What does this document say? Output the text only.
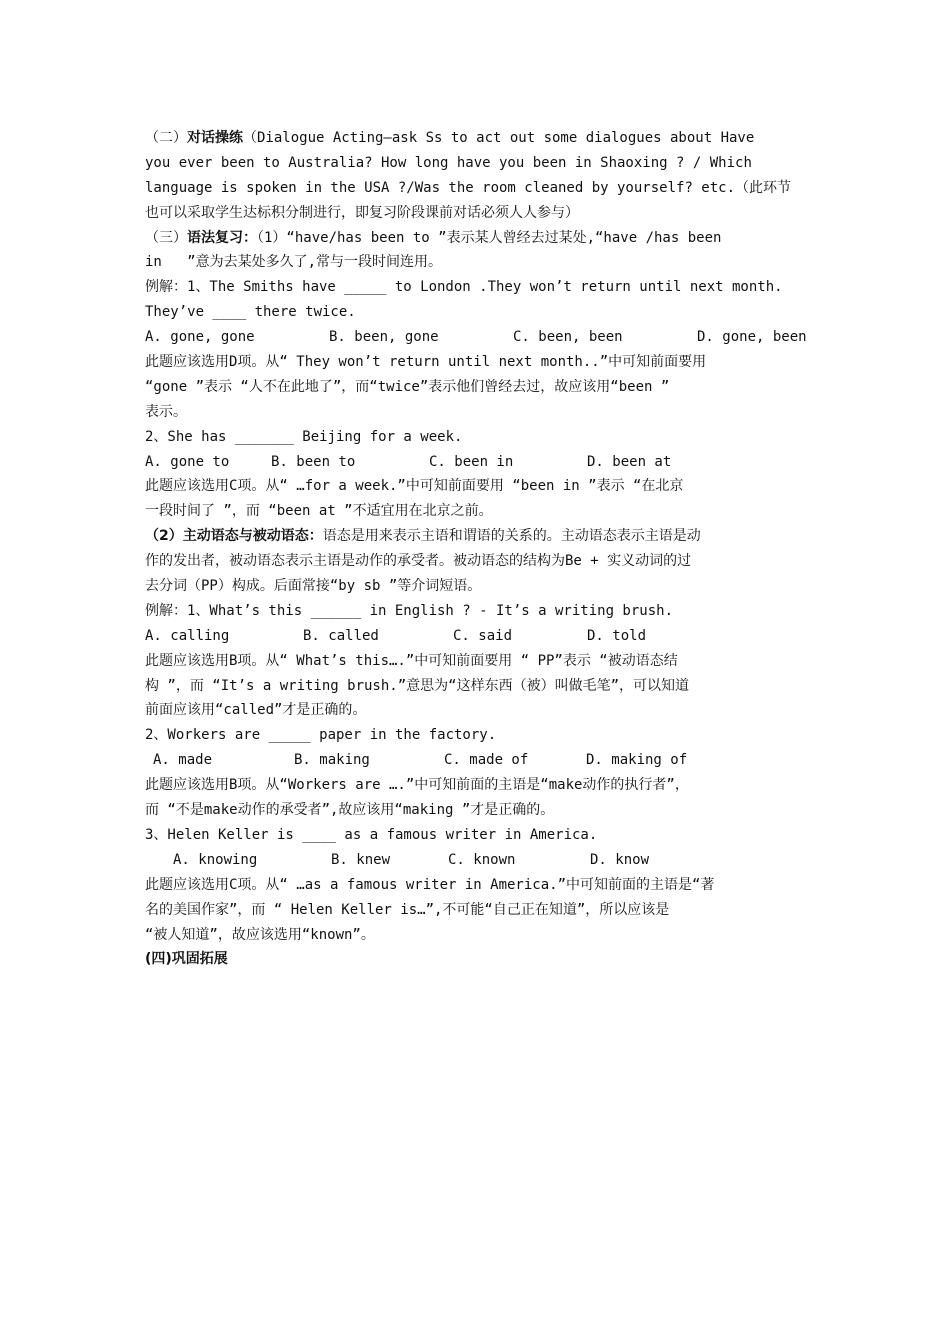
（二）对话操练（Dialogue Acting—ask Ss to act out some dialogues about Have
you ever been to Australia? How long have you been in Shaoxing ? / Which
language is spoken in the USA ?/Was the room cleaned by yourself? etc.（此环节
也可以采取学生达标积分制进行，即复习阶段课前对话必须人人参与）
（三）语法复习：（1）“have/has been to ”表示某人曾经去过某处,“have /has been
in   ”意为去某处多久了,常与一段时间连用。
例解：1、The Smiths have _____ to London .They won’t return until next month.
They’ve ____ there twice.
A. gone, gone	B. been, gone	C. been, been	D. gone, been
此题应该选用D项。从“ They won’t return until next month..”中可知前面要用
“gone ”表示 “人不在此地了”，而“twice”表示他们曾经去过，故应该用“been ”
表示。
2、She has _______ Beijing for a week.
A. gone to	B. been to	C. been in	D. been at
此题应该选用C项。从“ …for a week.”中可知前面要用 “been in ”表示 “在北京
一段时间了 ”，而 “been at ”不适宜用在北京之前。
（2）主动语态与被动语态：语态是用来表示主语和谓语的关系的。主动语态表示主语是动
作的发出者，被动语态表示主语是动作的承受者。被动语态的结构为Be + 实义动词的过
去分词（PP）构成。后面常接“by sb ”等介词短语。
例解：1、What’s this ______ in English ? - It’s a writing brush.
A. calling	B. called	C. said	D. told
此题应该选用B项。从“ What’s this….”中可知前面要用 “ PP”表示 “被动语态结
构 ”，而 “It’s a writing brush.”意思为“这样东西（被）叫做毛笔”，可以知道
前面应该用“called”才是正确的。
2、Workers are _____ paper in the factory.
A. made	B. making	C. made of	D. making of
此题应该选用B项。从“Workers are ….”中可知前面的主语是“make动作的执行者”，
而 “不是make动作的承受者”,故应该用“making ”才是正确的。
3、Helen Keller is ____ as a famous writer in America.
A. knowing	B. knew	C. known	D. know
此题应该选用C项。从“ …as a famous writer in America.”中可知前面的主语是“著
名的美国作家”，而 “ Helen Keller is…”,不可能“自己正在知道”，所以应该是
“被人知道”，故应该选用“known”。
(四)巩固拓展
